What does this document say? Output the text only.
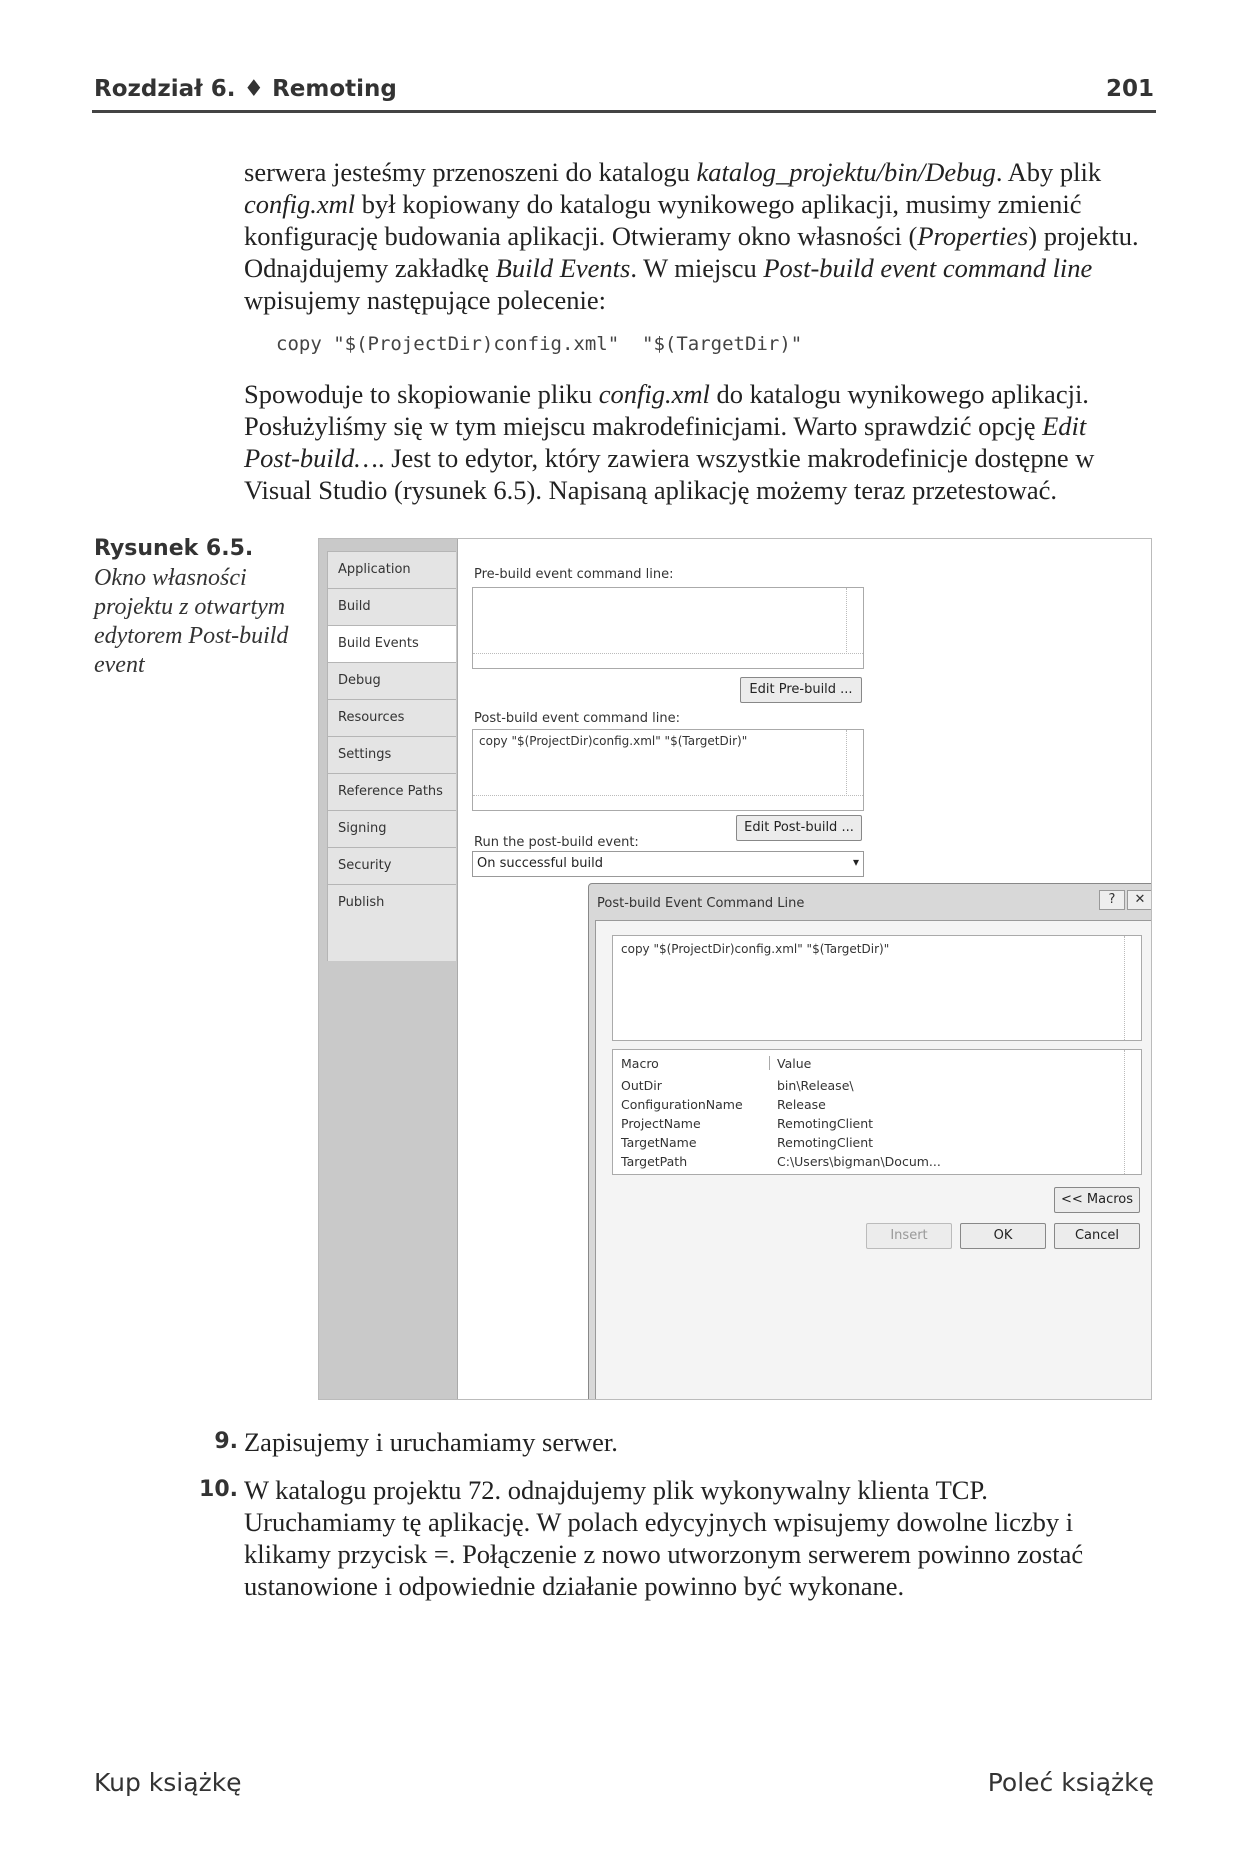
Rozdział 6. ♦ Remoting	201
serwera jesteśmy przenoszeni do katalogu katalog_projektu/bin/Debug. Aby plik config.xml był kopiowany do katalogu wynikowego aplikacji, musimy zmienić konfigurację budowania aplikacji. Otwieramy okno własności (Properties) projektu. Odnajdujemy zakładkę Build Events. W miejscu Post-build event command line wpisujemy następujące polecenie:
copy "$(ProjectDir)config.xml"  "$(TargetDir)"
Spowoduje to skopiowanie pliku config.xml do katalogu wynikowego aplikacji. Posłużyliśmy się w tym miejscu makrodefinicjami. Warto sprawdzić opcję Edit Post-build…. Jest to edytor, który zawiera wszystkie makrodefinicje dostępne w Visual Studio (rysunek 6.5). Napisaną aplikację możemy teraz przetestować.
Rysunek 6.5.
Okno własności projektu z otwartym edytorem Post-build event
Application
Build
Build Events
Debug
Resources
Settings
Reference Paths
Signing
Security
Publish
Pre-build event command line:
Edit Pre-build ...
Post-build event command line:
copy "$(ProjectDir)config.xml" "$(TargetDir)"
Edit Post-build ...
Run the post-build event:
On successful build	▾
Post-build Event Command Line	? ✕
copy "$(ProjectDir)config.xml" "$(TargetDir)"
Macro	Value
OutDir	bin\Release\
ConfigurationName	Release
ProjectName	RemotingClient
TargetName	RemotingClient
TargetPath	C:\Users\bigman\Docum...
<< Macros
Insert	OK	Cancel
9. Zapisujemy i uruchamiamy serwer.
10. W katalogu projektu 72. odnajdujemy plik wykonywalny klienta TCP. Uruchamiamy tę aplikację. W polach edycyjnych wpisujemy dowolne liczby i klikamy przycisk =. Połączenie z nowo utworzonym serwerem powinno zostać ustanowione i odpowiednie działanie powinno być wykonane.
Kup książkę	Poleć książkę
